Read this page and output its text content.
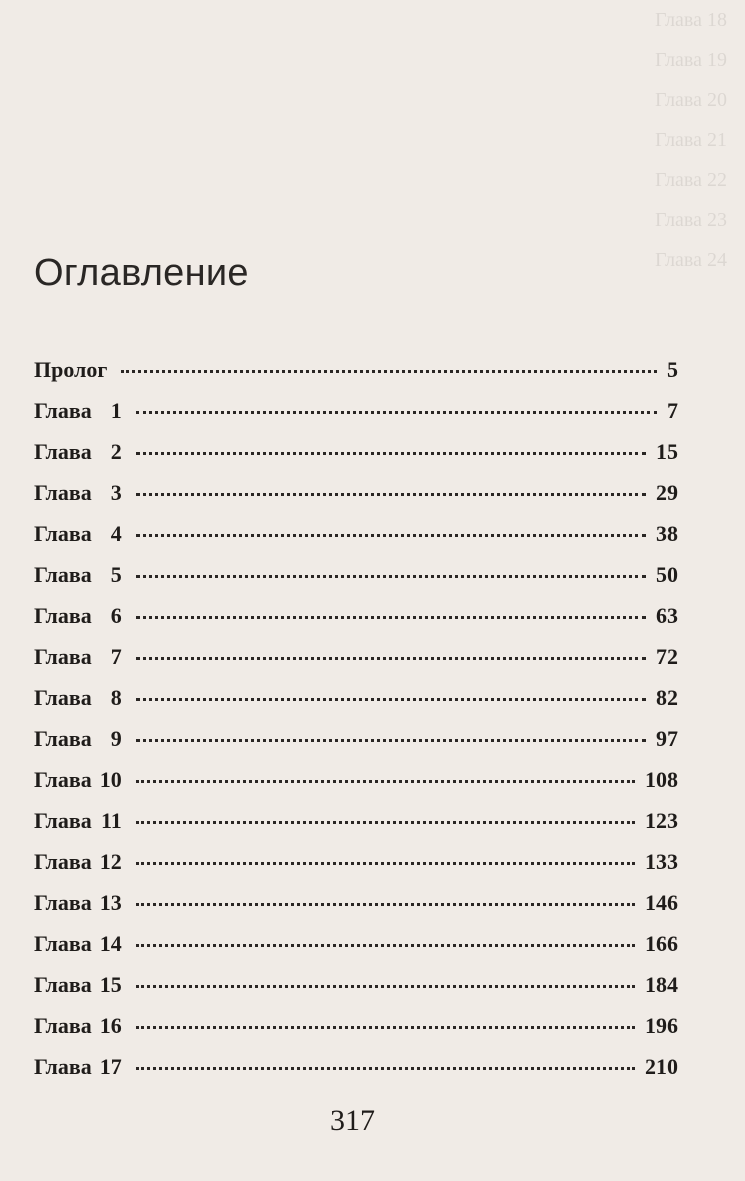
Глава 18
Глава 19
Глава 20
Глава 21
Глава 22
Глава 23
Глава 24
Оглавление
Пролог	5
Глава 1	7
Глава 2	15
Глава 3	29
Глава 4	38
Глава 5	50
Глава 6	63
Глава 7	72
Глава 8	82
Глава 9	97
Глава 10	108
Глава 11	123
Глава 12	133
Глава 13	146
Глава 14	166
Глава 15	184
Глава 16	196
Глава 17	210
317
